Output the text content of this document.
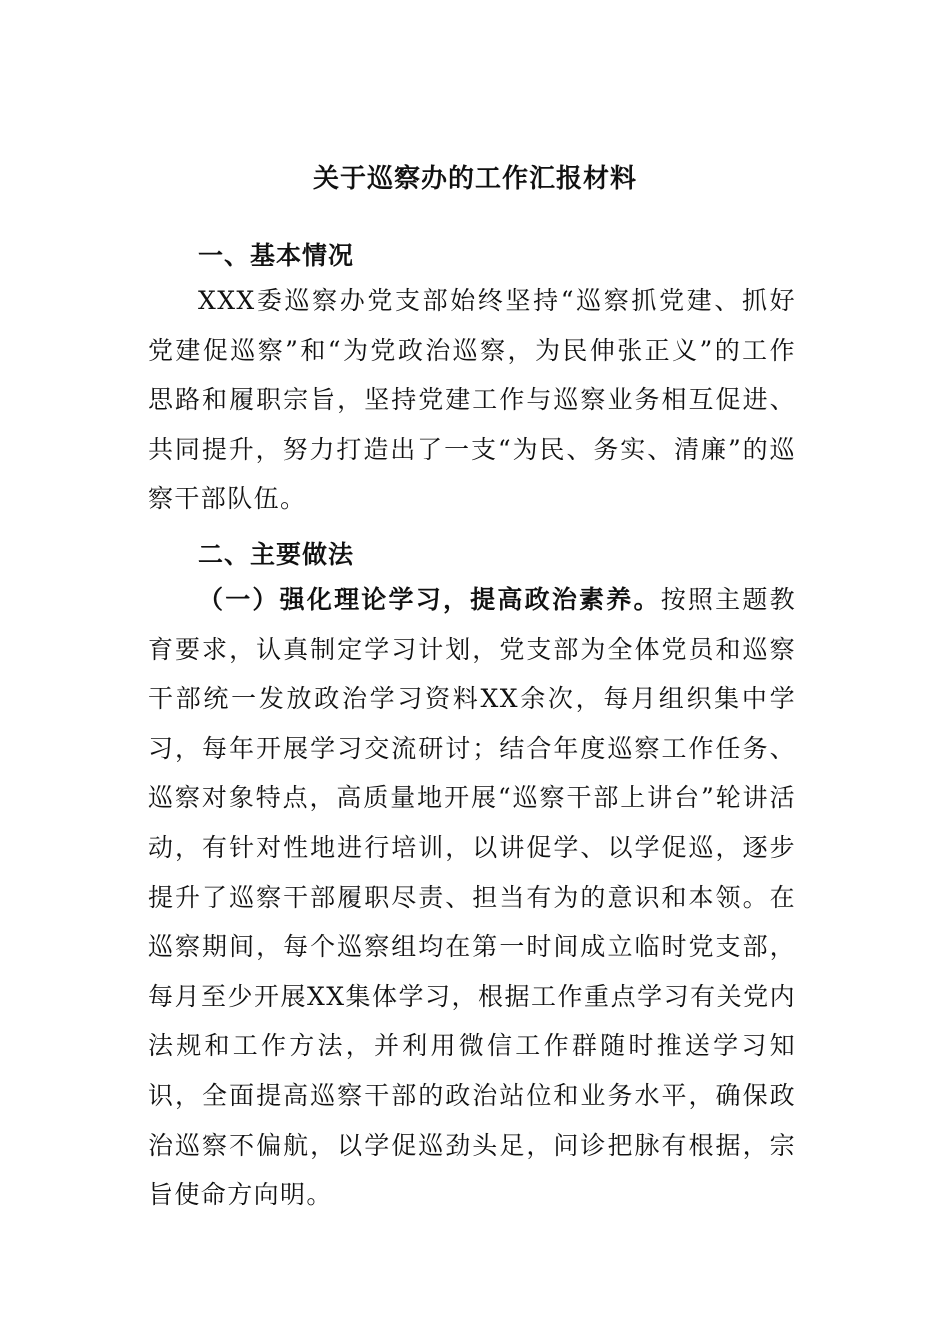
关于巡察办的工作汇报材料
一、基本情况

XXX委巡察办党支部始终坚持“巡察抓党建、抓好党建促巡察”和“为党政治巡察，为民伸张正义”的工作思路和履职宗旨，坚持党建工作与巡察业务相互促进、共同提升，努力打造出了一支“为民、务实、清廉”的巡察干部队伍。

二、主要做法

（一）强化理论学习，提高政治素养。按照主题教育要求，认真制定学习计划，党支部为全体党员和巡察干部统一发放政治学习资料XX余次，每月组织集中学习，每年开展学习交流研讨；结合年度巡察工作任务、巡察对象特点，高质量地开展“巡察干部上讲台”轮讲活动，有针对性地进行培训，以讲促学、以学促巡，逐步提升了巡察干部履职尽责、担当有为的意识和本领。在巡察期间，每个巡察组均在第一时间成立临时党支部，每月至少开展XX集体学习，根据工作重点学习有关党内法规和工作方法，并利用微信工作群随时推送学习知识，全面提高巡察干部的政治站位和业务水平，确保政治巡察不偏航，以学促巡劲头足，问诊把脉有根据，宗旨使命方向明。
